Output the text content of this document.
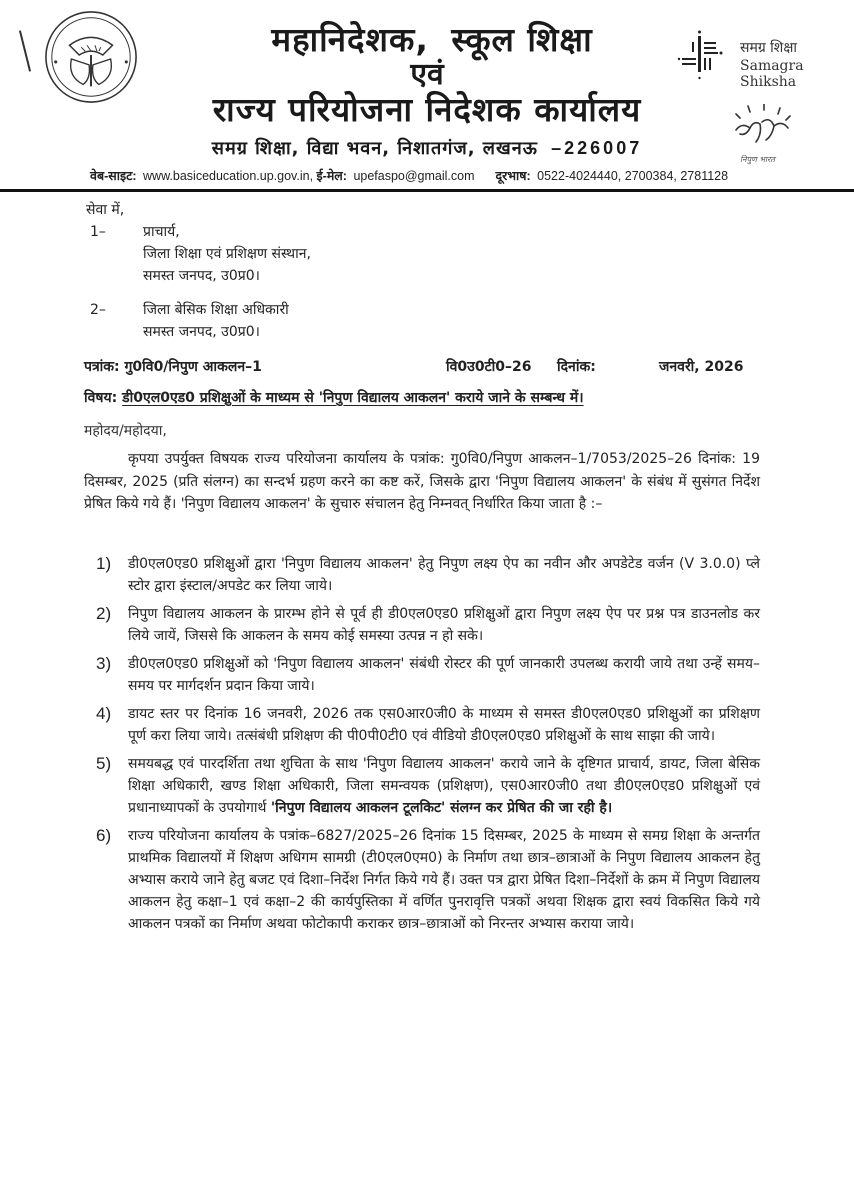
महानिदेशक, स्कूल शिक्षा
एवं
राज्य परियोजना निदेशक कार्यालय
समग्र शिक्षा, विद्या भवन, निशातगंज, लखनऊ –226007
वेब-साइट: www.basiceducation.up.gov.in, ई-मेल: upefaspo@gmail.com दूरभाष: 0522-4024440, 2700384, 2781128
समग्र शिक्षा
Samagra Shiksha
निपुण भारत
सेवा में,
1–	प्राचार्य,
जिला शिक्षा एवं प्रशिक्षण संस्थान,
समस्त जनपद, उ0प्र0।
2–	जिला बेसिक शिक्षा अधिकारी
समस्त जनपद, उ0प्र0।
पत्रांक: गु0वि0/निपुण आकलन–1	वि0उ0टी0–26 दिनांक:	जनवरी, 2026
विषय: डी0एल0एड0 प्रशिक्षुओं के माध्यम से 'निपुण विद्यालय आकलन' कराये जाने के सम्बन्ध में।
महोदय/महोदया,
कृपया उपर्युक्त विषयक राज्य परियोजना कार्यालय के पत्रांक: गु0वि0/निपुण आकलन–1/7053/2025–26 दिनांक: 19 दिसम्बर, 2025 (प्रति संलग्न) का सन्दर्भ ग्रहण करने का कष्ट करें, जिसके द्वारा 'निपुण विद्यालय आकलन' के संबंध में सुसंगत निर्देश प्रेषित किये गये हैं। 'निपुण विद्यालय आकलन' के सुचारु संचालन हेतु निम्नवत् निर्धारित किया जाता है :–
1) डी0एल0एड0 प्रशिक्षुओं द्वारा 'निपुण विद्यालय आकलन' हेतु निपुण लक्ष्य ऐप का नवीन और अपडेटेड वर्जन (V 3.0.0) प्ले स्टोर द्वारा इंस्टाल/अपडेट कर लिया जाये।
2) निपुण विद्यालय आकलन के प्रारम्भ होने से पूर्व ही डी0एल0एड0 प्रशिक्षुओं द्वारा निपुण लक्ष्य ऐप पर प्रश्न पत्र डाउनलोड कर लिये जायें, जिससे कि आकलन के समय कोई समस्या उत्पन्न न हो सके।
3) डी0एल0एड0 प्रशिक्षुओं को 'निपुण विद्यालय आकलन' संबंधी रोस्टर की पूर्ण जानकारी उपलब्ध करायी जाये तथा उन्हें समय–समय पर मार्गदर्शन प्रदान किया जाये।
4) डायट स्तर पर दिनांक 16 जनवरी, 2026 तक एस0आर0जी0 के माध्यम से समस्त डी0एल0एड0 प्रशिक्षुओं का प्रशिक्षण पूर्ण करा लिया जाये। तत्संबंधी प्रशिक्षण की पी0पी0टी0 एवं वीडियो डी0एल0एड0 प्रशिक्षुओं के साथ साझा की जाये।
5) समयबद्ध एवं पारदर्शिता तथा शुचिता के साथ 'निपुण विद्यालय आकलन' कराये जाने के दृष्टिगत प्राचार्य, डायट, जिला बेसिक शिक्षा अधिकारी, खण्ड शिक्षा अधिकारी, जिला समन्वयक (प्रशिक्षण), एस0आर0जी0 तथा डी0एल0एड0 प्रशिक्षुओं एवं प्रधानाध्यापकों के उपयोगार्थ 'निपुण विद्यालय आकलन टूलकिट' संलग्न कर प्रेषित की जा रही है।
6) राज्य परियोजना कार्यालय के पत्रांक–6827/2025–26 दिनांक 15 दिसम्बर, 2025 के माध्यम से समग्र शिक्षा के अन्तर्गत प्राथमिक विद्यालयों में शिक्षण अधिगम सामग्री (टी0एल0एम0) के निर्माण तथा छात्र–छात्राओं के निपुण विद्यालय आकलन हेतु अभ्यास कराये जाने हेतु बजट एवं दिशा–निर्देश निर्गत किये गये हैं। उक्त पत्र द्वारा प्रेषित दिशा–निर्देशों के क्रम में निपुण विद्यालय आकलन हेतु कक्षा–1 एवं कक्षा–2 की कार्यपुस्तिका में वर्णित पुनरावृत्ति पत्रकों अथवा शिक्षक द्वारा स्वयं विकसित किये गये आकलन पत्रकों का निर्माण अथवा फोटोकापी कराकर छात्र–छात्राओं को निरन्तर अभ्यास कराया जाये।
